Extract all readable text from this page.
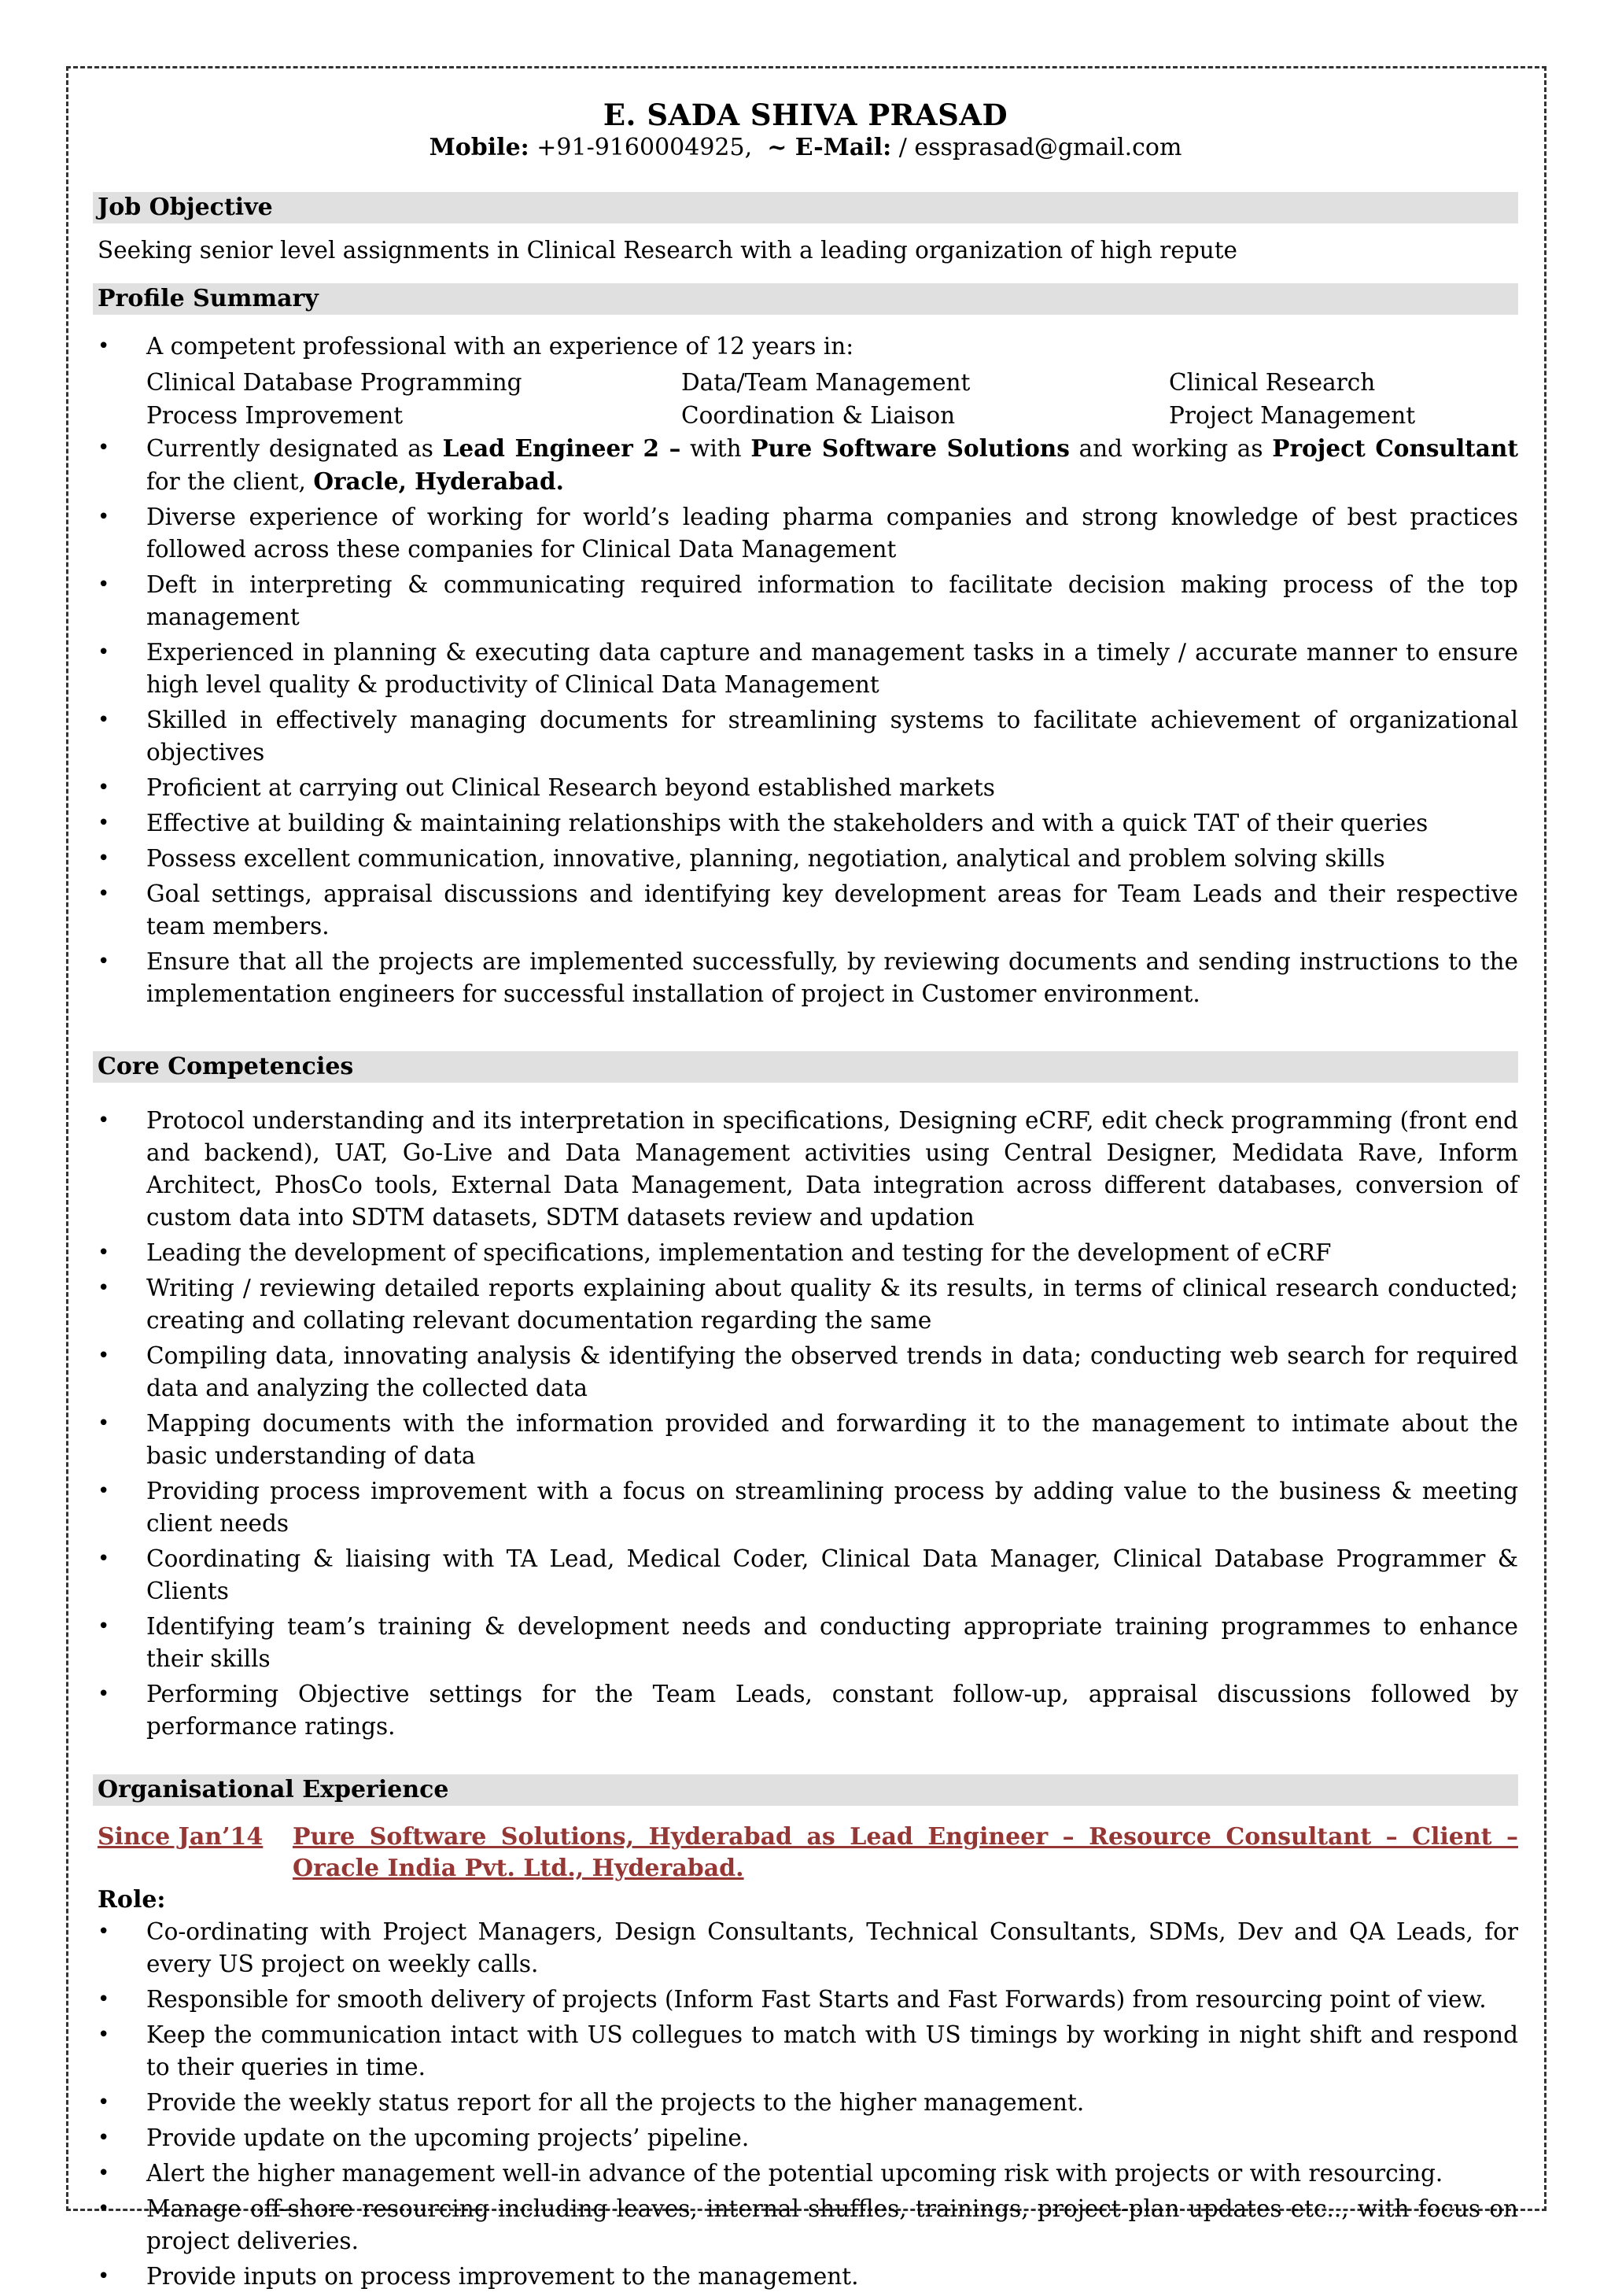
E. SADA SHIVA PRASAD
Mobile: +91-9160004925, ~ E-Mail: / essprasad@gmail.com
Job Objective
Seeking senior level assignments in Clinical Research with a leading organization of high repute
Profile Summary
• A competent professional with an experience of 12 years in:
Clinical Database Programming	Data/Team Management	Clinical Research
Process Improvement	Coordination & Liaison	Project Management
• Currently designated as Lead Engineer 2 – with Pure Software Solutions and working as Project Consultant for the client, Oracle, Hyderabad.
• Diverse experience of working for world’s leading pharma companies and strong knowledge of best practices followed across these companies for Clinical Data Management
• Deft in interpreting & communicating required information to facilitate decision making process of the top management
• Experienced in planning & executing data capture and management tasks in a timely / accurate manner to ensure high level quality & productivity of Clinical Data Management
• Skilled in effectively managing documents for streamlining systems to facilitate achievement of organizational objectives
• Proficient at carrying out Clinical Research beyond established markets
• Effective at building & maintaining relationships with the stakeholders and with a quick TAT of their queries
• Possess excellent communication, innovative, planning, negotiation, analytical and problem solving skills
• Goal settings, appraisal discussions and identifying key development areas for Team Leads and their respective team members.
• Ensure that all the projects are implemented successfully, by reviewing documents and sending instructions to the implementation engineers for successful installation of project in Customer environment.
Core Competencies
• Protocol understanding and its interpretation in specifications, Designing eCRF, edit check programming (front end and backend), UAT, Go-Live and Data Management activities using Central Designer, Medidata Rave, Inform Architect, PhosCo tools, External Data Management, Data integration across different databases, conversion of custom data into SDTM datasets, SDTM datasets review and updation
• Leading the development of specifications, implementation and testing for the development of eCRF
• Writing / reviewing detailed reports explaining about quality & its results, in terms of clinical research conducted; creating and collating relevant documentation regarding the same
• Compiling data, innovating analysis & identifying the observed trends in data; conducting web search for required data and analyzing the collected data
• Mapping documents with the information provided and forwarding it to the management to intimate about the basic understanding of data
• Providing process improvement with a focus on streamlining process by adding value to the business & meeting client needs
• Coordinating & liaising with TA Lead, Medical Coder, Clinical Data Manager, Clinical Database Programmer & Clients
• Identifying team’s training & development needs and conducting appropriate training programmes to enhance their skills
• Performing Objective settings for the Team Leads, constant follow-up, appraisal discussions followed by performance ratings.
Organisational Experience
Since Jan’14	Pure Software Solutions, Hyderabad as Lead Engineer – Resource Consultant – Client –Oracle India Pvt. Ltd., Hyderabad.
Role:
• Co-ordinating with Project Managers, Design Consultants, Technical Consultants, SDMs, Dev and QA Leads, for every US project on weekly calls.
• Responsible for smooth delivery of projects (Inform Fast Starts and Fast Forwards) from resourcing point of view.
• Keep the communication intact with US collegues to match with US timings by working in night shift and respond to their queries in time.
• Provide the weekly status report for all the projects to the higher management.
• Provide update on the upcoming projects’ pipeline.
• Alert the higher management well-in advance of the potential upcoming risk with projects or with resourcing.
• Manage off-shore resourcing including leaves, internal shuffles, trainings, project-plan updates etc.., with focus on project deliveries.
• Provide inputs on process improvement to the management.
